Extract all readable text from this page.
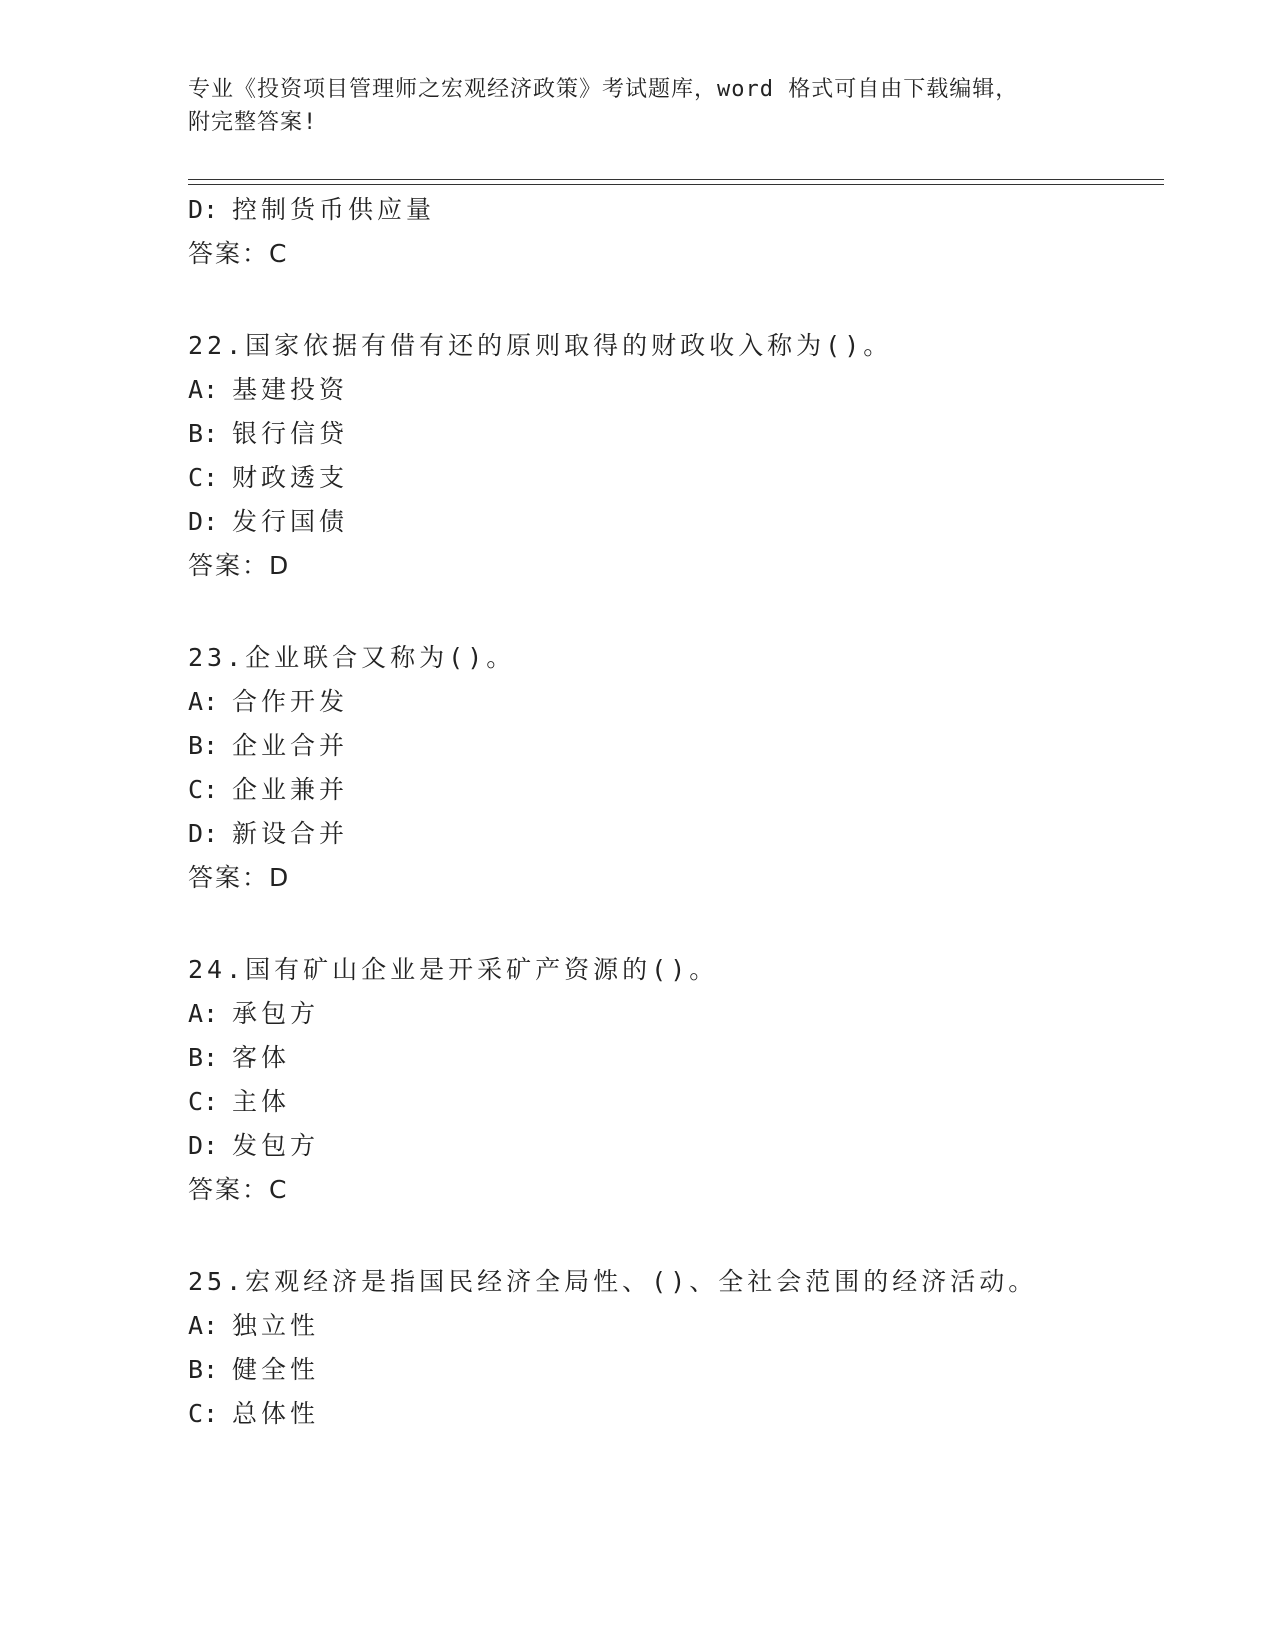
专业《投资项目管理师之宏观经济政策》考试题库，word 格式可自由下载编辑，
附完整答案!
D: 控制货币供应量
答案：C
22.国家依据有借有还的原则取得的财政收入称为()。
A: 基建投资
B: 银行信贷
C: 财政透支
D: 发行国债
答案：D
23.企业联合又称为()。
A: 合作开发
B: 企业合并
C: 企业兼并
D: 新设合并
答案：D
24.国有矿山企业是开采矿产资源的()。
A: 承包方
B: 客体
C: 主体
D: 发包方
答案：C
25.宏观经济是指国民经济全局性、()、全社会范围的经济活动。
A: 独立性
B: 健全性
C: 总体性
